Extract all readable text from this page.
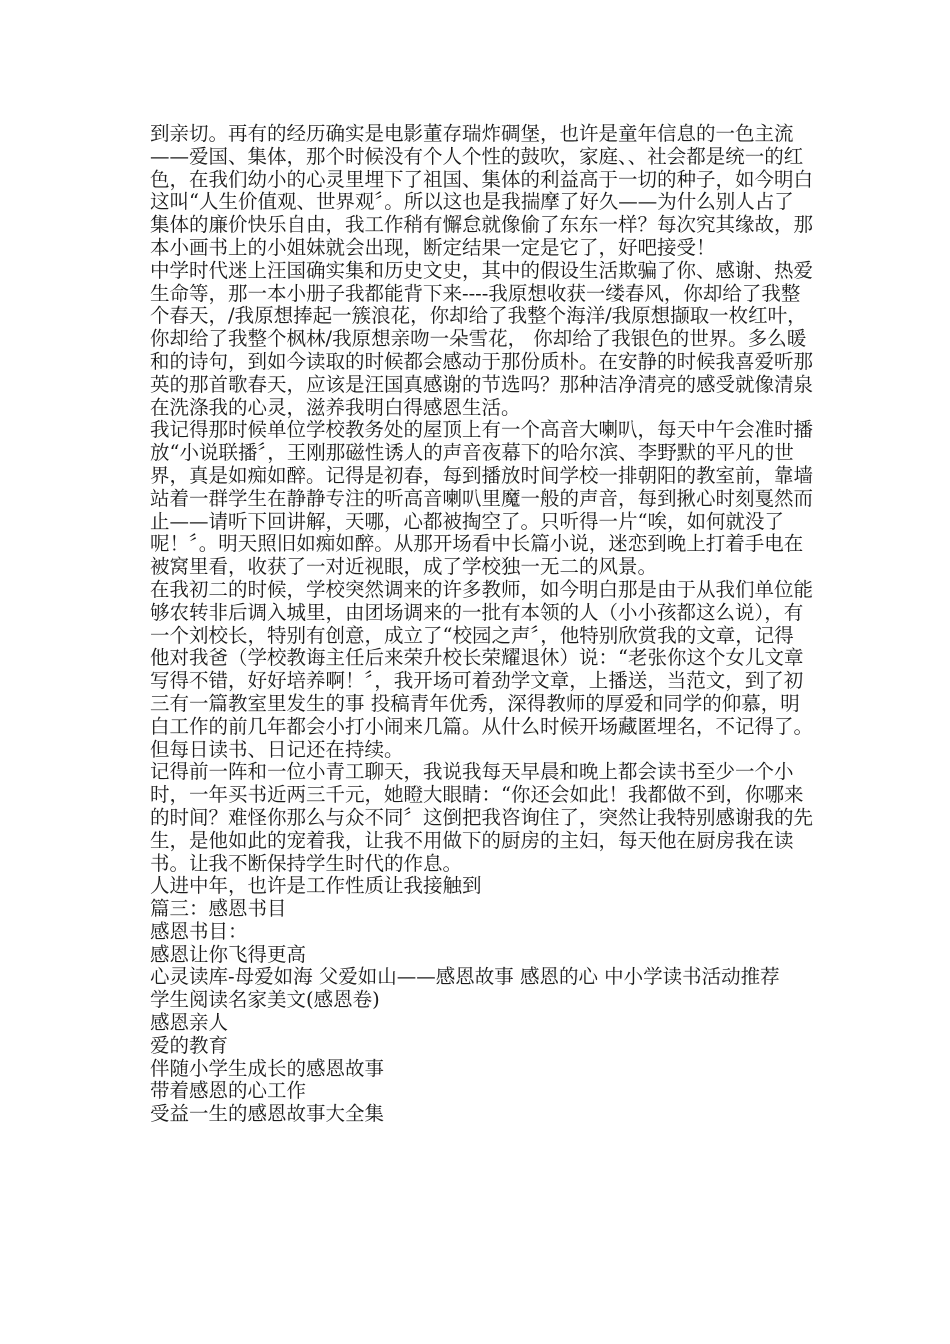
到亲切。再有的经历确实是电影董存瑞炸碉堡，也许是童年信息的一色主流
——爱国、集体，那个时候没有个人个性的鼓吹，家庭、、社会都是统一的红
色，在我们幼小的心灵里埋下了祖国、集体的利益高于一切的种子，如今明白
这叫“人生价值观、世界观〞。所以这也是我揣摩了好久——为什么别人占了
集体的廉价快乐自由，我工作稍有懈怠就像偷了东东一样？每次究其缘故，那
本小画书上的小姐妹就会出现，断定结果一定是它了，好吧接受！
中学时代迷上汪国确实集和历史文史，其中的假设生活欺骗了你、感谢、热爱
生命等，那一本小册子我都能背下来----我原想收获一缕春风，你却给了我整
个春天，/我原想捧起一簇浪花，你却给了我整个海洋/我原想撷取一枚红叶，
你却给了我整个枫林/我原想亲吻一朵雪花， 你却给了我银色的世界。多么暖
和的诗句，到如今读取的时候都会感动于那份质朴。在安静的时候我喜爱听那
英的那首歌春天，应该是汪国真感谢的节选吗？那种洁净清亮的感受就像清泉
在洗涤我的心灵，滋养我明白得感恩生活。
我记得那时候单位学校教务处的屋顶上有一个高音大喇叭，每天中午会准时播
放“小说联播〞，王刚那磁性诱人的声音夜幕下的哈尔滨、李野默的平凡的世
界，真是如痴如醉。记得是初春，每到播放时间学校一排朝阳的教室前，靠墙
站着一群学生在静静专注的听高音喇叭里魔一般的声音，每到揪心时刻戛然而
止——请听下回讲解，天哪，心都被掏空了。只听得一片“唉，如何就没了
呢！〞。明天照旧如痴如醉。从那开场看中长篇小说，迷恋到晚上打着手电在
被窝里看，收获了一对近视眼，成了学校独一无二的风景。
在我初二的时候，学校突然调来的许多教师，如今明白那是由于从我们单位能
够农转非后调入城里，由团场调来的一批有本领的人（小小孩都这么说），有
一个刘校长，特别有创意，成立了“校园之声〞，他特别欣赏我的文章，记得
他对我爸（学校教诲主任后来荣升校长荣耀退休）说：“老张你这个女儿文章
写得不错，好好培养啊！〞，我开场可着劲学文章，上播送，当范文，到了初
三有一篇教室里发生的事 投稿青年优秀，深得教师的厚爱和同学的仰慕，明
白工作的前几年都会小打小闹来几篇。从什么时候开场藏匿埋名，不记得了。
但每日读书、日记还在持续。
记得前一阵和一位小青工聊天，我说我每天早晨和晚上都会读书至少一个小
时，一年买书近两三千元，她瞪大眼睛：“你还会如此！我都做不到，你哪来
的时间？难怪你那么与众不同〞这倒把我咨询住了，突然让我特别感谢我的先
生，是他如此的宠着我，让我不用做下的厨房的主妇，每天他在厨房我在读
书。让我不断保持学生时代的作息。
人进中年，也许是工作性质让我接触到
篇三：感恩书目
感恩书目：
感恩让你飞得更高
心灵读库-母爱如海 父爱如山——感恩故事 感恩的心 中小学读书活动推荐
学生阅读名家美文(感恩卷)
感恩亲人
爱的教育
伴随小学生成长的感恩故事
带着感恩的心工作
受益一生的感恩故事大全集
